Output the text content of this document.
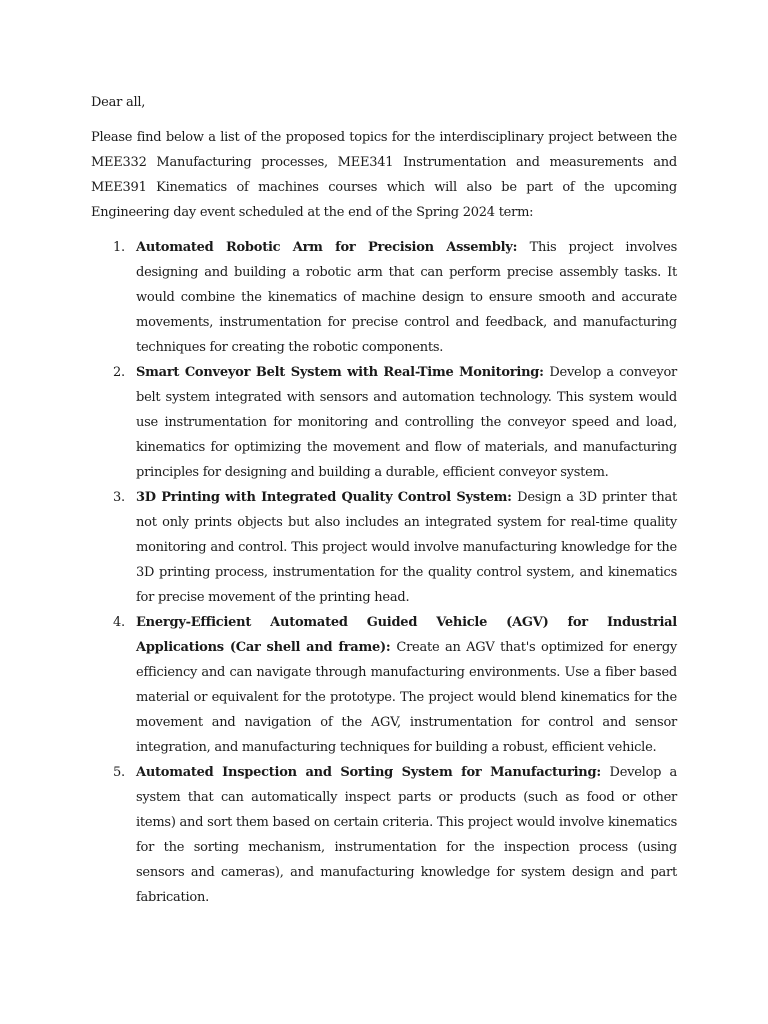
Dear all,

Please find below a list of the proposed topics for the interdisciplinary project between the MEE332 Manufacturing processes, MEE341 Instrumentation and measurements and MEE391 Kinematics of machines courses which will also be part of the upcoming Engineering day event scheduled at the end of the Spring 2024 term:

1. Automated Robotic Arm for Precision Assembly: This project involves designing and building a robotic arm that can perform precise assembly tasks. It would combine the kinematics of machine design to ensure smooth and accurate movements, instrumentation for precise control and feedback, and manufacturing techniques for creating the robotic components.
2. Smart Conveyor Belt System with Real-Time Monitoring: Develop a conveyor belt system integrated with sensors and automation technology. This system would use instrumentation for monitoring and controlling the conveyor speed and load, kinematics for optimizing the movement and flow of materials, and manufacturing principles for designing and building a durable, efficient conveyor system.
3. 3D Printing with Integrated Quality Control System: Design a 3D printer that not only prints objects but also includes an integrated system for real-time quality monitoring and control. This project would involve manufacturing knowledge for the 3D printing process, instrumentation for the quality control system, and kinematics for precise movement of the printing head.
4. Energy-Efficient Automated Guided Vehicle (AGV) for Industrial Applications (Car shell and frame): Create an AGV that's optimized for energy efficiency and can navigate through manufacturing environments. Use a fiber based material or equivalent for the prototype. The project would blend kinematics for the movement and navigation of the AGV, instrumentation for control and sensor integration, and manufacturing techniques for building a robust, efficient vehicle.
5. Automated Inspection and Sorting System for Manufacturing: Develop a system that can automatically inspect parts or products (such as food or other items) and sort them based on certain criteria. This project would involve kinematics for the sorting mechanism, instrumentation for the inspection process (using sensors and cameras), and manufacturing knowledge for system design and part fabrication.
